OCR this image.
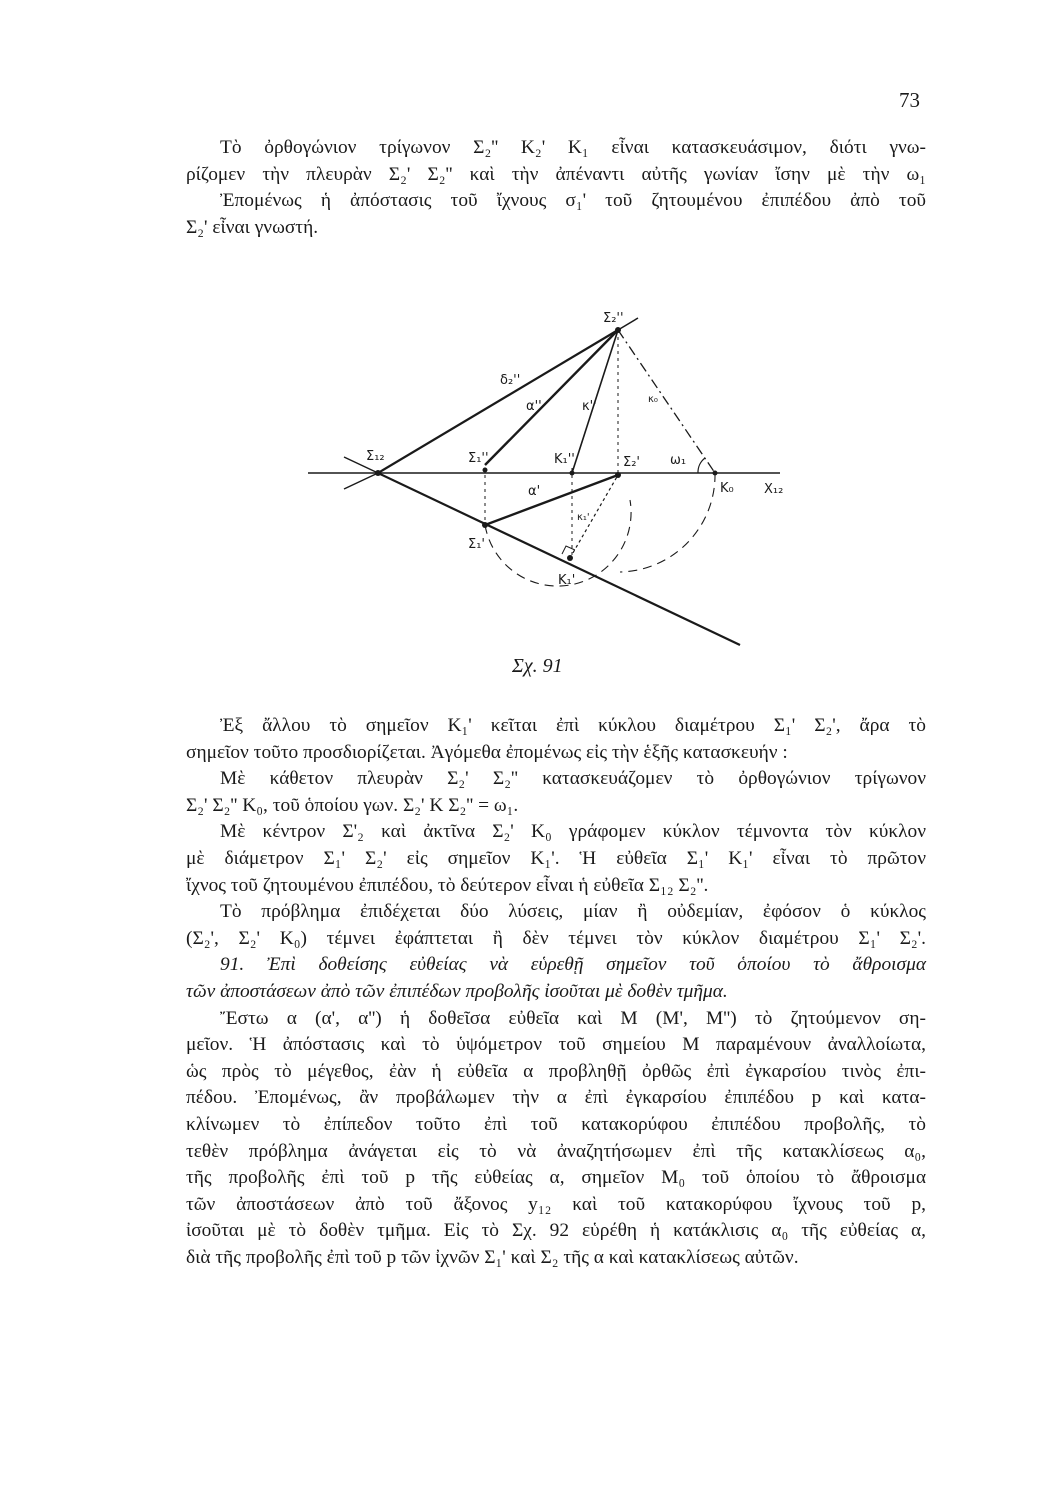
73
Τὸ ὀρθογώνιον τρίγωνον Σ₂'' Κ₂' Κ₁ εἶναι κατασκευάσιμον, διότι γνω-
ρίζομεν τὴν πλευρὰν Σ₂' Σ₂'' καὶ τὴν ἀπέναντι αὐτῆς γωνίαν ἴσην μὲ τὴν ω₁
Ἐπομένως ἡ ἀπόστασις τοῦ ἴχνους σ₁' τοῦ ζητουμένου ἐπιπέδου ἀπὸ τοῦ
Σ₂' εἶναι γνωστή.
Σ₂''
δ₂''
α''	κ''	κ₀
Σ₁₂	Σ₁''	Κ₁''	Σ₂' ω₁
Κ₀ Χ₁₂
α'
κ₁'
Σ₁'
Κ₁'
Σχ. 91
Ἐξ ἄλλου τὸ σημεῖον Κ₁' κεῖται ἐπὶ κύκλου διαμέτρου Σ₁' Σ₂', ἄρα τὸ
σημεῖον τοῦτο προσδιορίζεται. Ἀγόμεθα ἐπομένως εἰς τὴν ἑξῆς κατασκευήν :
Μὲ κάθετον πλευρὰν Σ₂' Σ₂'' κατασκευάζομεν τὸ ὀρθογώνιον τρίγωνον
Σ₂' Σ₂'' Κ₀, τοῦ ὁποίου γων. Σ₂' Κ Σ₂'' = ω₁.
Μὲ κέντρον Σ'₂ καὶ ἀκτῖνα Σ₂' Κ₀ γράφομεν κύκλον τέμνοντα τὸν κύκλον
μὲ διάμετρον Σ₁' Σ₂' εἰς σημεῖον Κ₁'. Ἡ εὐθεῖα Σ₁' Κ₁' εἶναι τὸ πρῶτον
ἴχνος τοῦ ζητουμένου ἐπιπέδου, τὸ δεύτερον εἶναι ἡ εὐθεῖα Σ₁₂ Σ₂''.
Τὸ πρόβλημα ἐπιδέχεται δύο λύσεις, μίαν ἢ οὐδεμίαν, ἐφόσον ὁ κύκλος
(Σ₂', Σ₂' Κ₀) τέμνει ἐφάπτεται ἢ δὲν τέμνει τὸν κύκλον διαμέτρου Σ₁' Σ₂'.
91. Ἐπὶ δοθείσης εὐθείας νὰ εὑρεθῇ σημεῖον τοῦ ὁποίου τὸ ἄθροισμα
τῶν ἀποστάσεων ἀπὸ τῶν ἐπιπέδων προβολῆς ἰσοῦται μὲ δοθὲν τμῆμα.
Ἔστω α (α', α'') ἡ δοθεῖσα εὐθεῖα καὶ Μ (Μ', Μ'') τὸ ζητούμενον ση-
μεῖον. Ἡ ἀπόστασις καὶ τὸ ὑψόμετρον τοῦ σημείου Μ παραμένουν ἀναλλοίωτα,
ὡς πρὸς τὸ μέγεθος, ἐὰν ἡ εὐθεῖα α προβληθῇ ὀρθῶς ἐπὶ ἐγκαρσίου τινὸς ἐπι-
πέδου. Ἐπομένως, ἂν προβάλωμεν τὴν α ἐπὶ ἐγκαρσίου ἐπιπέδου p καὶ κατα-
κλίνωμεν τὸ ἐπίπεδον τοῦτο ἐπὶ τοῦ κατακορύφου ἐπιπέδου προβολῆς, τὸ
τεθὲν πρόβλημα ἀνάγεται εἰς τὸ νὰ ἀναζητήσωμεν ἐπὶ τῆς κατακλίσεως α₀,
τῆς προβολῆς ἐπὶ τοῦ p τῆς εὐθείας α, σημεῖον Μ₀ τοῦ ὁποίου τὸ ἄθροισμα
τῶν ἀποστάσεων ἀπὸ τοῦ ἄξονος y₁₂ καὶ τοῦ κατακορύφου ἴχνους τοῦ p,
ἰσοῦται μὲ τὸ δοθὲν τμῆμα. Εἰς τὸ Σχ. 92 εὑρέθη ἡ κατάκλισις α₀ τῆς εὐθείας α,
διὰ τῆς προβολῆς ἐπὶ τοῦ p τῶν ἰχνῶν Σ₁' καὶ Σ₂ τῆς α καὶ κατακλίσεως αὐτῶν.
